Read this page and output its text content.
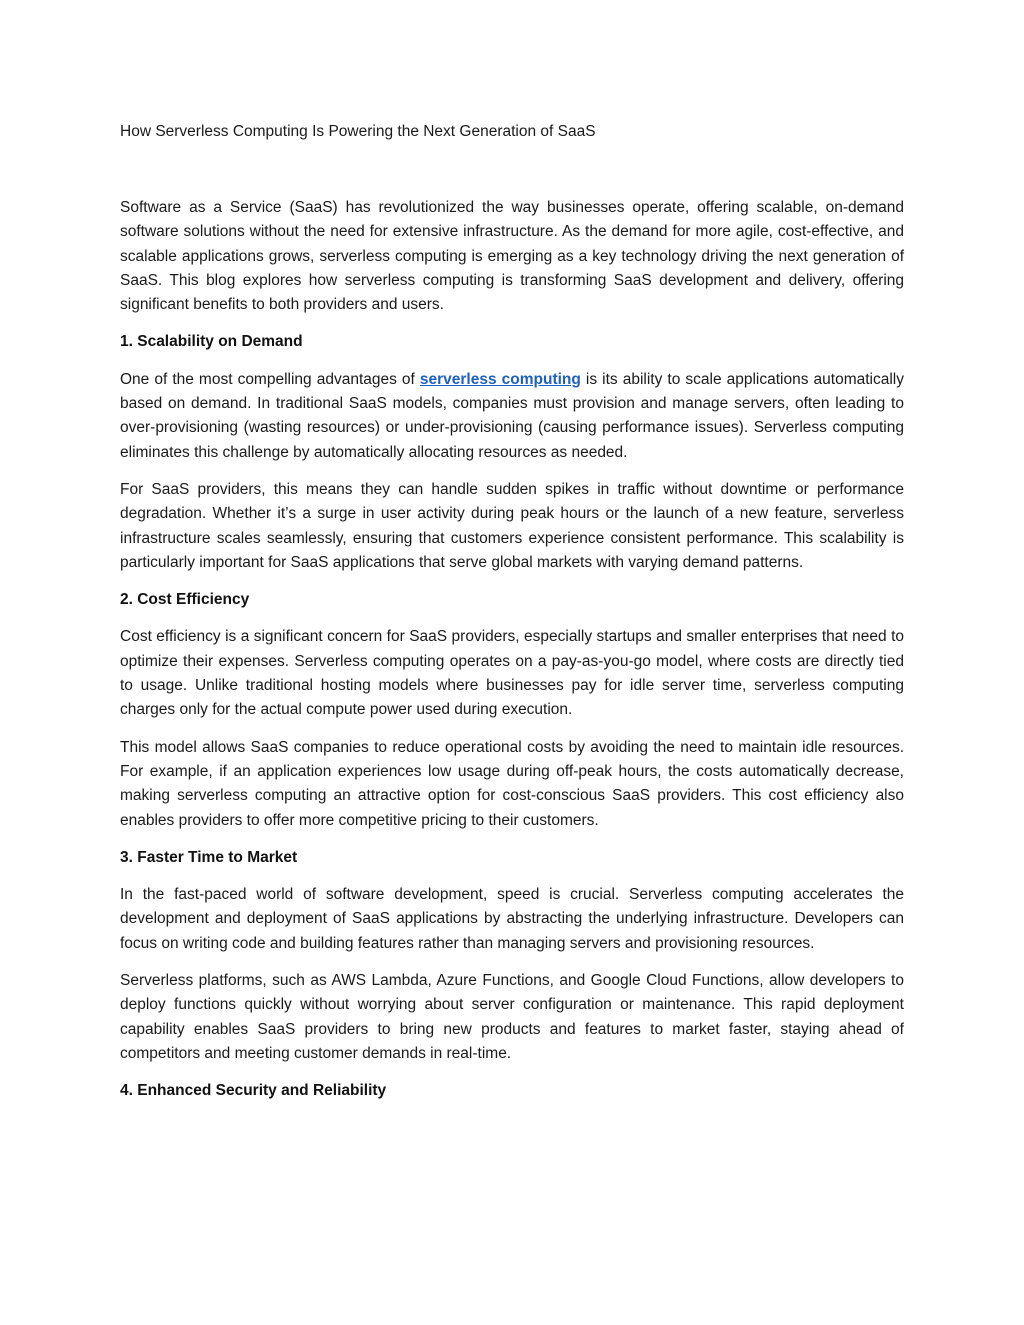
How Serverless Computing Is Powering the Next Generation of SaaS

Software as a Service (SaaS) has revolutionized the way businesses operate, offering scalable, on-demand software solutions without the need for extensive infrastructure. As the demand for more agile, cost-effective, and scalable applications grows, serverless computing is emerging as a key technology driving the next generation of SaaS. This blog explores how serverless computing is transforming SaaS development and delivery, offering significant benefits to both providers and users.

1. Scalability on Demand

One of the most compelling advantages of serverless computing is its ability to scale applications automatically based on demand. In traditional SaaS models, companies must provision and manage servers, often leading to over-provisioning (wasting resources) or under-provisioning (causing performance issues). Serverless computing eliminates this challenge by automatically allocating resources as needed.

For SaaS providers, this means they can handle sudden spikes in traffic without downtime or performance degradation. Whether it’s a surge in user activity during peak hours or the launch of a new feature, serverless infrastructure scales seamlessly, ensuring that customers experience consistent performance. This scalability is particularly important for SaaS applications that serve global markets with varying demand patterns.

2. Cost Efficiency

Cost efficiency is a significant concern for SaaS providers, especially startups and smaller enterprises that need to optimize their expenses. Serverless computing operates on a pay-as-you-go model, where costs are directly tied to usage. Unlike traditional hosting models where businesses pay for idle server time, serverless computing charges only for the actual compute power used during execution.

This model allows SaaS companies to reduce operational costs by avoiding the need to maintain idle resources. For example, if an application experiences low usage during off-peak hours, the costs automatically decrease, making serverless computing an attractive option for cost-conscious SaaS providers. This cost efficiency also enables providers to offer more competitive pricing to their customers.

3. Faster Time to Market

In the fast-paced world of software development, speed is crucial. Serverless computing accelerates the development and deployment of SaaS applications by abstracting the underlying infrastructure. Developers can focus on writing code and building features rather than managing servers and provisioning resources.

Serverless platforms, such as AWS Lambda, Azure Functions, and Google Cloud Functions, allow developers to deploy functions quickly without worrying about server configuration or maintenance. This rapid deployment capability enables SaaS providers to bring new products and features to market faster, staying ahead of competitors and meeting customer demands in real-time.

4. Enhanced Security and Reliability
